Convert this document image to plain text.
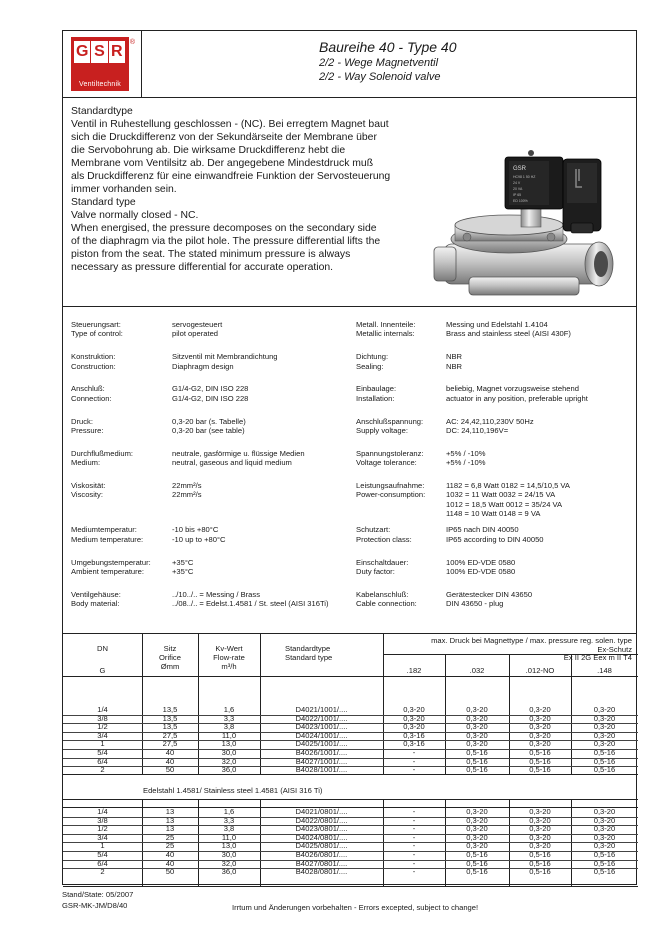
G S R
®
Ventiltechnik
Baureihe 40 - Type 40
2/2 - Wege Magnetventil
2/2 - Way Solenoid valve

Standardtype

Ventil in Ruhestellung geschlossen - (NC). Bei erregtem Magnet baut

sich die Druckdifferenz von der Sekundärseite der Membrane über

die Servobohrung ab. Die wirksame Druckdifferenz hebt die

Membrane vom Ventilsitz ab. Der angegebene Mindestdruck muß

als Druckdifferenz für eine einwandfreie Funktion der Servosteuerung

immer vorhanden sein.

Standard type

Valve normally closed - NC.

When energised, the pressure decomposes on the secondary side

of the diaphragm via the pilot hole. The pressure differential lifts the

piston from the seat. The stated minimum pressure is always

necessary as pressure differential for accurate operation.

GSR
HC98 1 50 HZ
24 V
20 VA
IP 65
ED 100%
Steuerungsart:	servogesteuert	Metall. Innenteile:	Messing und Edelstahl 1.4104
Type of control:	pilot operated	Metallic internals:	Brass and stainless steel (AISI 430F)
Konstruktion:	Sitzventil mit Membrandichtung	Dichtung:	NBR
Construction:	Diaphragm design	Sealing:	NBR
Anschluß:	G1/4-G2, DIN ISO 228	Einbaulage:	beliebig, Magnet vorzugsweise stehend
Connection:	G1/4-G2, DIN ISO 228	Installation:	actuator in any position, preferable upright
Druck:	0,3-20 bar (s. Tabelle)	Anschlußspannung:	AC: 24,42,110,230V 50Hz
Pressure:	0,3-20 bar (see table)	Supply voltage:	DC: 24,110,196V=
Durchflußmedium:	neutrale, gasförmige u. flüssige Medien	Spannungstoleranz:	+5% / -10%
Medium:	neutral, gaseous and liquid medium	Voltage tolerance:	+5% / -10%
Viskosität:	22mm²/s	Leistungsaufnahme:	1182 = 6,8 Watt 0182 = 14,5/10,5 VA
Viscosity:	22mm²/s	Power-consumption:	1032 = 11 Watt 0032 = 24/15 VA
1012 = 18,5 Watt 0012 = 35/24 VA
1148 = 10 Watt 0148 = 9 VA
Mediumtemperatur:	-10 bis +80°C	Schutzart:	IP65 nach DIN 40050
Medium temperature:	-10 up to +80°C	Protection class:	IP65 according to DIN 40050
Umgebungstemperatur:	+35°C	Einschaltdauer:	100% ED-VDE 0580
Ambient temperature:	+35°C	Duty factor:	100% ED-VDE 0580
Ventilgehäuse:	../10../.. = Messing / Brass	Kabelanschluß:	Gerätestecker DIN 43650
Body material:	../08../.. = Edelst.1.4581 / St. steel (AISI 316Ti)	Cable connection:	DIN 43650 - plug
max. Druck bei Magnettype / max. pressure reg. solen. type
Ex-Schutz
Ex II 2G Eex m II T4
DN
G
Sitz
Orifice
Ømm
Kv-Wert
Flow-rate
m³/h
Standardtype
Standard type
.182	.032	.012-NO	.148
1/4	13,5	1,6	D4021/1001/....	0,3-20	0,3-20	0,3-20	0,3-20
3/8	13,5	3,3	D4022/1001/....	0,3-20	0,3-20	0,3-20	0,3-20
1/2	13,5	3,8	D4023/1001/....	0,3-20	0,3-20	0,3-20	0,3-20
3/4	27,5	11,0	D4024/1001/....	0,3-16	0,3-20	0,3-20	0,3-20
1	27,5	13,0	D4025/1001/....	0,3-16	0,3-20	0,3-20	0,3-20
5/4	40	30,0	B4026/1001/....	-	0,5-16	0,5-16	0,5-16
6/4	40	32,0	B4027/1001/....	-	0,5-16	0,5-16	0,5-16
2	50	36,0	B4028/1001/....	-	0,5-16	0,5-16	0,5-16
Edelstahl 1.4581/ Stainless steel 1.4581 (AISI 316 Ti)
1/4	13	1,6	D4021/0801/....	-	0,3-20	0,3-20	0,3-20
3/8	13	3,3	D4022/0801/....	-	0,3-20	0,3-20	0,3-20
1/2	13	3,8	D4023/0801/....	-	0,3-20	0,3-20	0,3-20
3/4	25	11,0	D4024/0801/....	-	0,3-20	0,3-20	0,3-20
1	25	13,0	D4025/0801/....	-	0,3-20	0,3-20	0,3-20
5/4	40	30,0	B4026/0801/....	-	0,5-16	0,5-16	0,5-16
6/4	40	32,0	B4027/0801/....	-	0,5-16	0,5-16	0,5-16
2	50	36,0	B4028/0801/....	-	0,5-16	0,5-16	0,5-16
Stand/State: 05/2007
GSR-MK-JM/D8/40	Irrtum und Änderungen vorbehalten - Errors excepted, subject to change!
